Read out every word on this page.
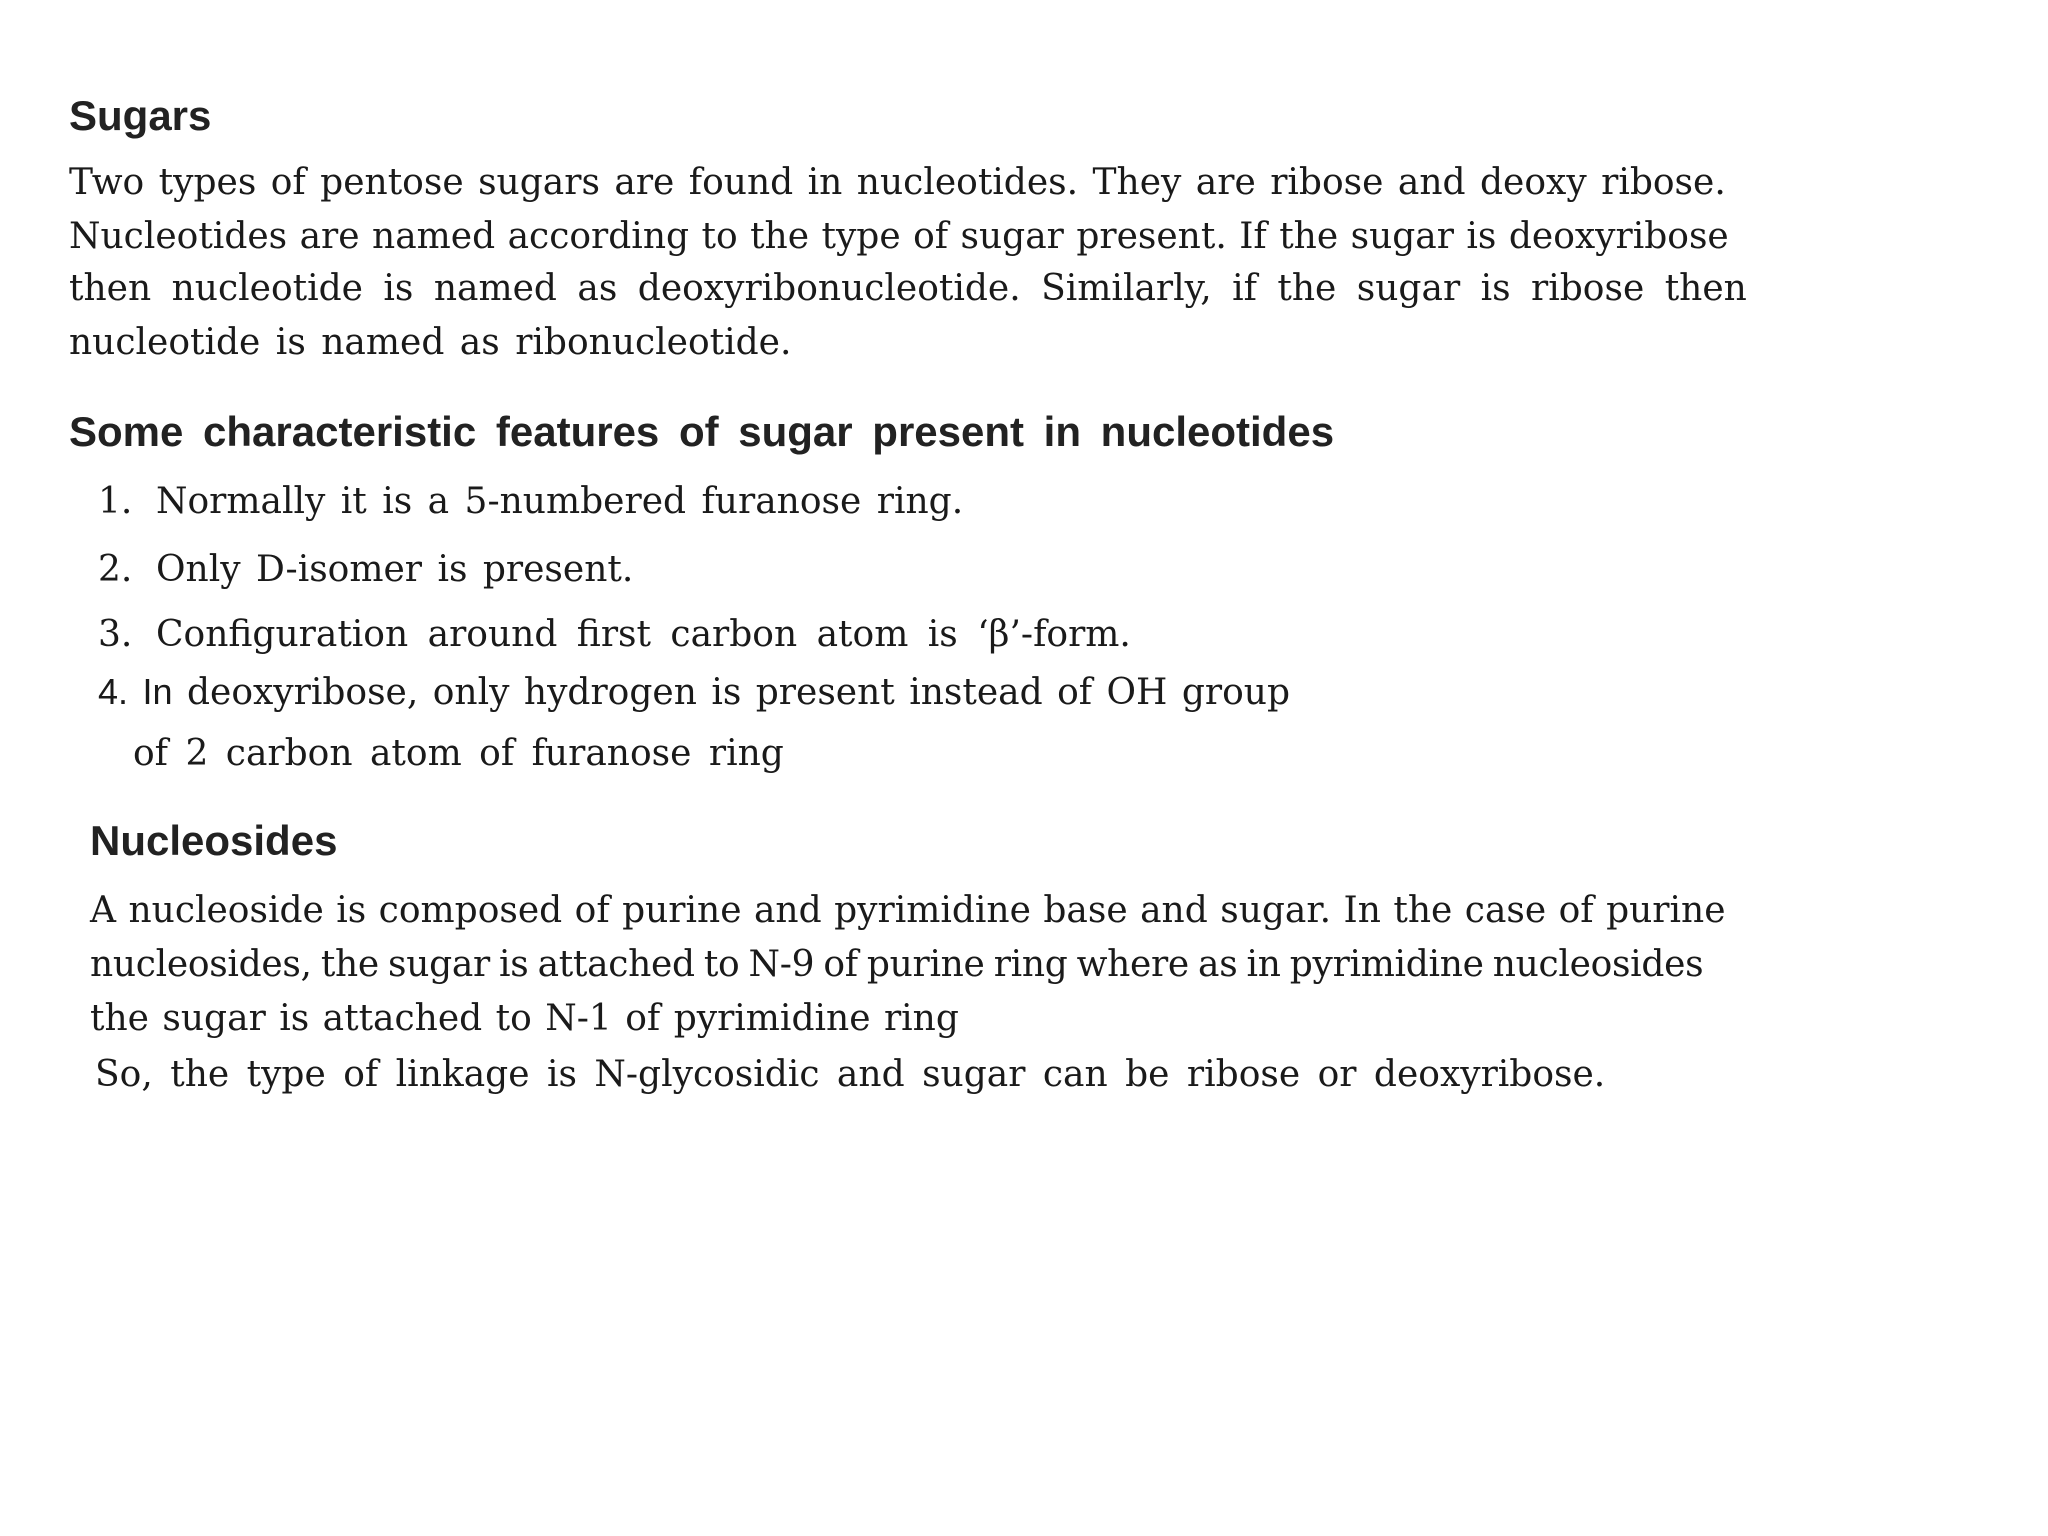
Sugars

Two types of pentose sugars are found in nucleotides. They are ribose and deoxy ribose.

Nucleotides are named according to the type of sugar present. If the sugar is deoxyribose

then nucleotide is named as deoxyribonucleotide. Similarly, if the sugar is ribose then

nucleotide is named as ribonucleotide.

Some characteristic features of sugar present in nucleotides

1. Normally it is a 5-numbered furanose ring.

2. Only D-isomer is present.

3. Configuration around first carbon atom is ‘β’-form.

4. In deoxyribose, only hydrogen is present instead of OH group

of 2 carbon atom of furanose ring

Nucleosides

A nucleoside is composed of purine and pyrimidine base and sugar. In the case of purine

nucleosides, the sugar is attached to N-9 of purine ring where as in pyrimidine nucleosides

the sugar is attached to N-1 of pyrimidine ring

So, the type of linkage is N-glycosidic and sugar can be ribose or deoxyribose.
